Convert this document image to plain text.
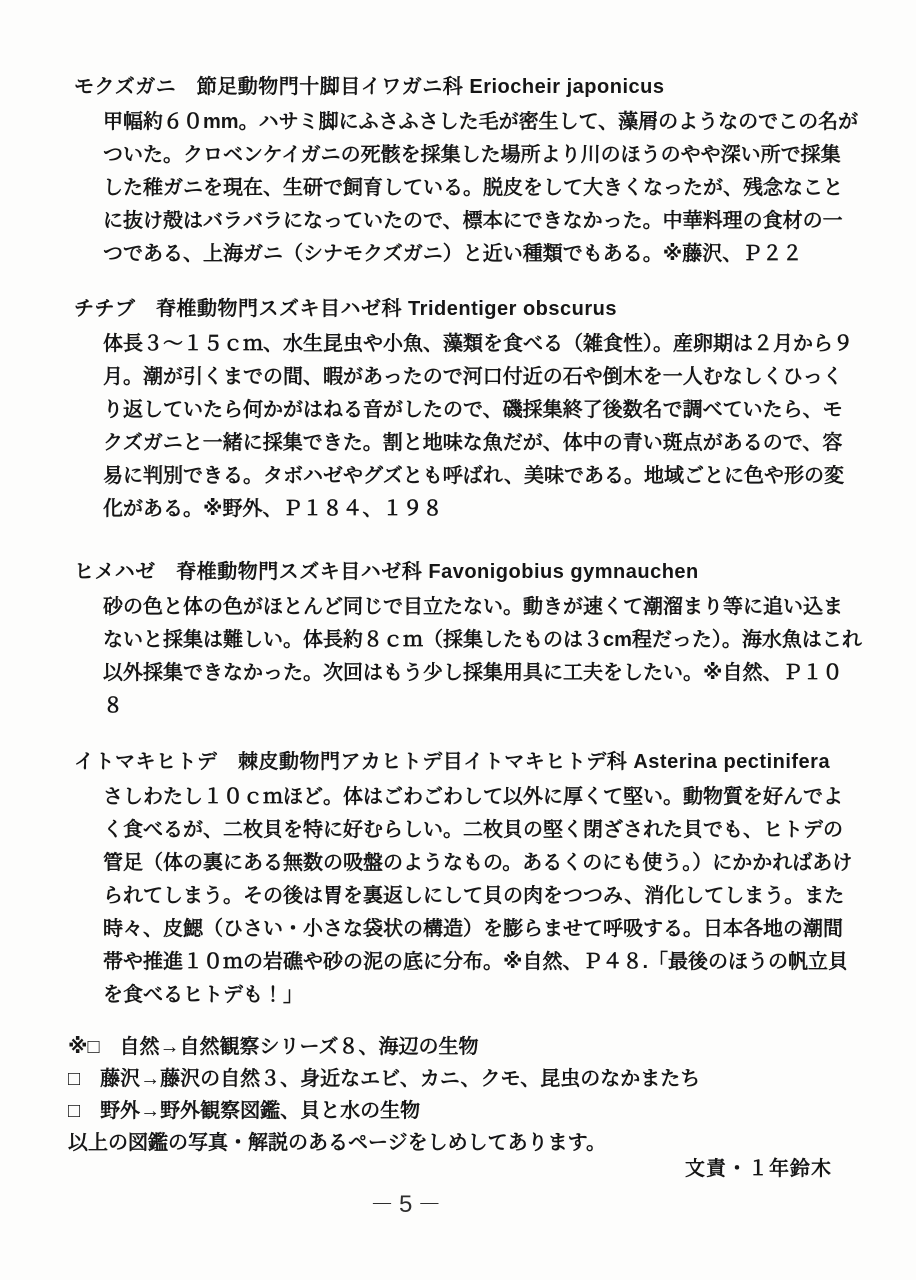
モクズガニ　節足動物門十脚目イワガニ科 Eriocheir japonicus
甲幅約６０mm。ハサミ脚にふさふさした毛が密生して、藻屑のようなのでこの名が
ついた。クロベンケイガニの死骸を採集した場所より川のほうのやや深い所で採集
した稚ガニを現在、生研で飼育している。脱皮をして大きくなったが、残念なこと
に抜け殻はバラバラになっていたので、標本にできなかった。中華料理の食材の一
つである、上海ガニ（シナモクズガニ）と近い種類でもある。※藤沢、Ｐ２２
チチブ　脊椎動物門スズキ目ハゼ科 Tridentiger obscurus
体長３～１５ｃｍ、水生昆虫や小魚、藻類を食べる（雑食性）。産卵期は２月から９
月。潮が引くまでの間、暇があったので河口付近の石や倒木を一人むなしくひっく
り返していたら何かがはねる音がしたので、磯採集終了後数名で調べていたら、モ
クズガニと一緒に採集できた。割と地味な魚だが、体中の青い斑点があるので、容
易に判別できる。タボハゼやグズとも呼ばれ、美味である。地域ごとに色や形の変
化がある。※野外、Ｐ１８４、１９８
ヒメハゼ　脊椎動物門スズキ目ハゼ科 Favonigobius gymnauchen
砂の色と体の色がほとんど同じで目立たない。動きが速くて潮溜まり等に追い込ま
ないと採集は難しい。体長約８ｃｍ（採集したものは３cm程だった）。海水魚はこれ
以外採集できなかった。次回はもう少し採集用具に工夫をしたい。※自然、Ｐ１０
８
イトマキヒトデ　棘皮動物門アカヒトデ目イトマキヒトデ科 Asterina pectinifera
さしわたし１０ｃｍほど。体はごわごわして以外に厚くて堅い。動物質を好んでよ
く食べるが、二枚貝を特に好むらしい。二枚貝の堅く閉ざされた貝でも、ヒトデの
管足（体の裏にある無数の吸盤のようなもの。あるくのにも使う。）にかかればあけ
られてしまう。その後は胃を裏返しにして貝の肉をつつみ、消化してしまう。また
時々、皮鰓（ひさい・小さな袋状の構造）を膨らませて呼吸する。日本各地の潮間
帯や推進１０ｍの岩礁や砂の泥の底に分布。※自然、Ｐ４８.「最後のほうの帆立貝
を食べるヒトデも！」
※□　自然→自然観察シリーズ８、海辺の生物
□　藤沢→藤沢の自然３、身近なエビ、カニ、クモ、昆虫のなかまたち
□　野外→野外観察図鑑、貝と水の生物
以上の図鑑の写真・解説のあるページをしめしてあります。
文責・１年鈴木
－5－
